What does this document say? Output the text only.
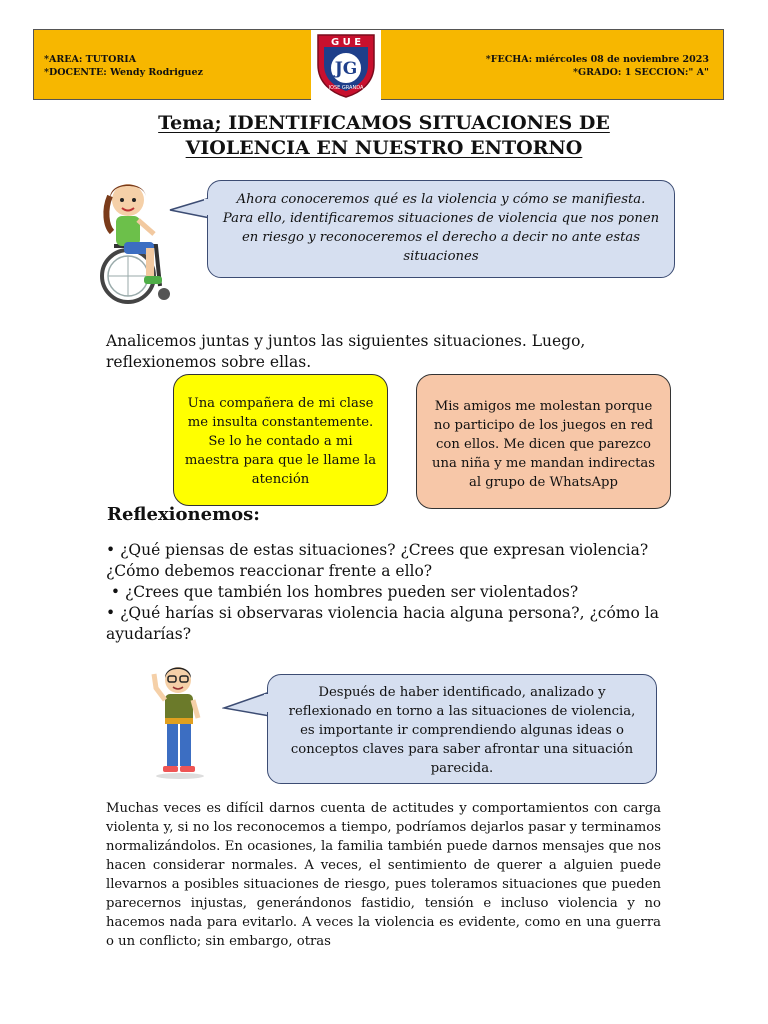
*AREA: TUTORIA
*DOCENTE: Wendy Rodriguez	JG
G U E
JOSE GRANDA
*FECHA: miércoles 08 de noviembre 2023
*GRADO: 1 SECCION:" A"
Tema; IDENTIFICAMOS SITUACIONES DE
VIOLENCIA EN NUESTRO ENTORNO
Ahora conoceremos qué es la violencia y cómo se manifiesta. Para ello, identificaremos situaciones de violencia que nos ponen en riesgo y reconoceremos el derecho a decir no ante estas situaciones
Analicemos juntas y juntos las siguientes situaciones. Luego, reflexionemos sobre ellas.
Una compañera de mi clase me insulta constantemente. Se lo he contado a mi maestra para que le llame la atención
Mis amigos me molestan porque no participo de los juegos en red con ellos. Me dicen que parezco una niña y me mandan indirectas al grupo de WhatsApp
Reflexionemos:
• ¿Qué piensas de estas situaciones? ¿Crees que expresan violencia? ¿Cómo debemos reaccionar frente a ello?
• ¿Crees que también los hombres pueden ser violentados?
• ¿Qué harías si observaras violencia hacia alguna persona?, ¿cómo la ayudarías?
Después de haber identificado, analizado y reflexionado en torno a las situaciones de violencia, es importante ir comprendiendo algunas ideas o conceptos claves para saber afrontar una situación parecida.
Muchas veces es difícil darnos cuenta de actitudes y comportamientos con carga violenta y, si no los reconocemos a tiempo, podríamos dejarlos pasar y terminamos normalizándolos. En ocasiones, la familia también puede darnos mensajes que nos hacen considerar normales. A veces, el sentimiento de querer a alguien puede llevarnos a posibles situaciones de riesgo, pues toleramos situaciones que pueden parecernos injustas, generándonos fastidio, tensión e incluso violencia y no hacemos nada para evitarlo. A veces la violencia es evidente, como en una guerra o un conflicto; sin embargo, otras
